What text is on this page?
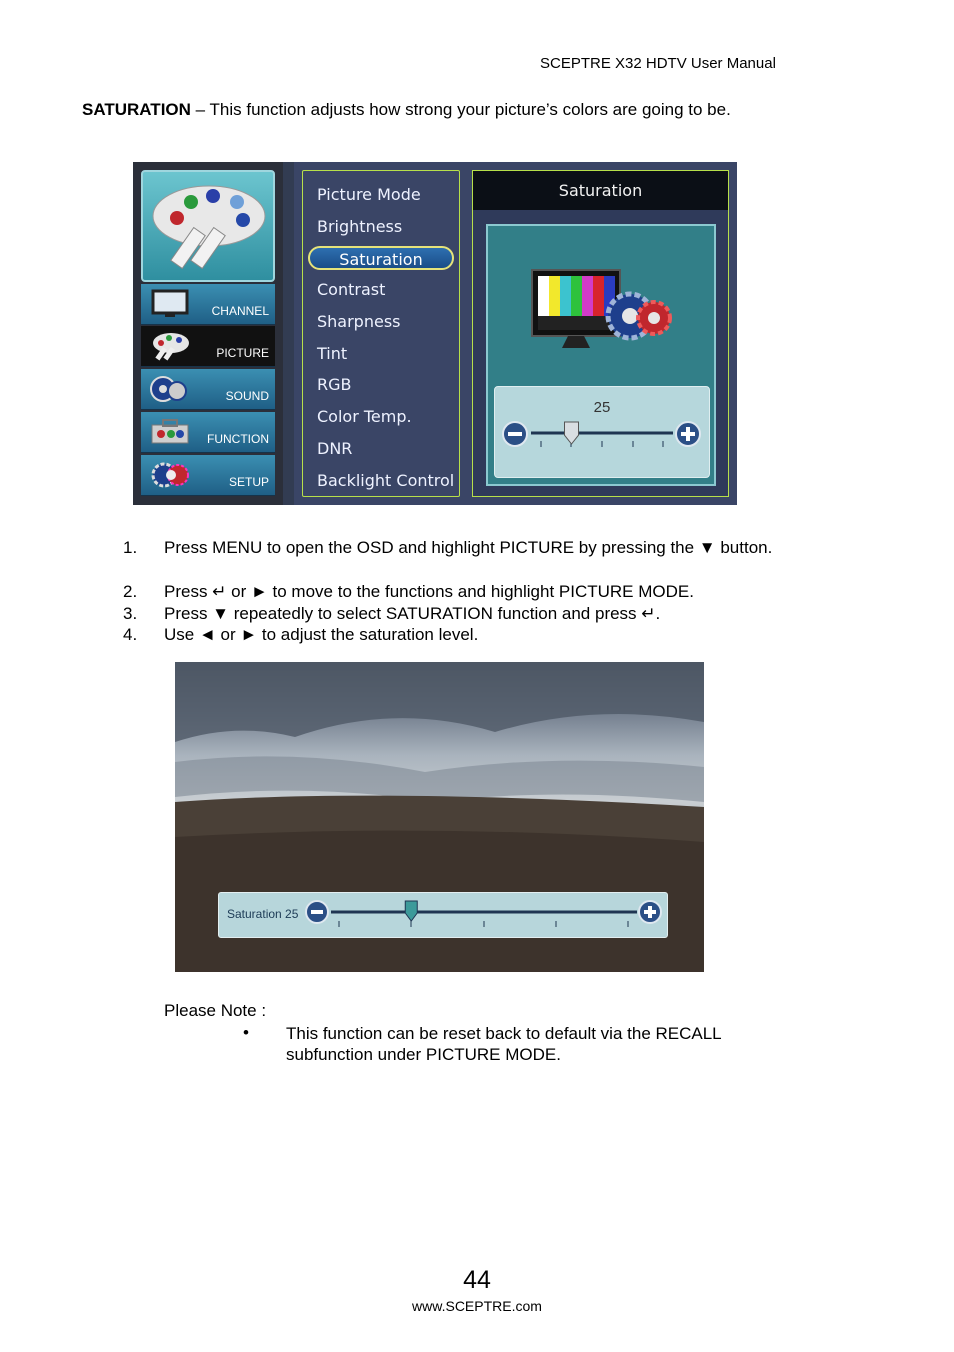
SCEPTRE X32 HDTV User Manual
SATURATION – This function adjusts how strong your picture’s colors are going to be.
CHANNEL
PICTURE
SOUND
FUNCTION
SETUP
Picture Mode
Brightness
Saturation
Contrast
Sharpness
Tint
RGB
Color Temp.
DNR
Backlight Control
Saturation
25
1. Press MENU to open the OSD and highlight PICTURE by pressing the ▼ button.
2. Press ↵ or ► to move to the functions and highlight PICTURE MODE.
3. Press ▼ repeatedly to select SATURATION function and press ↵.
4. Use ◄ or ► to adjust the saturation level.
Saturation 25
Please Note :
• This function can be reset back to default via the RECALL subfunction under PICTURE MODE.
44
www.SCEPTRE.com
